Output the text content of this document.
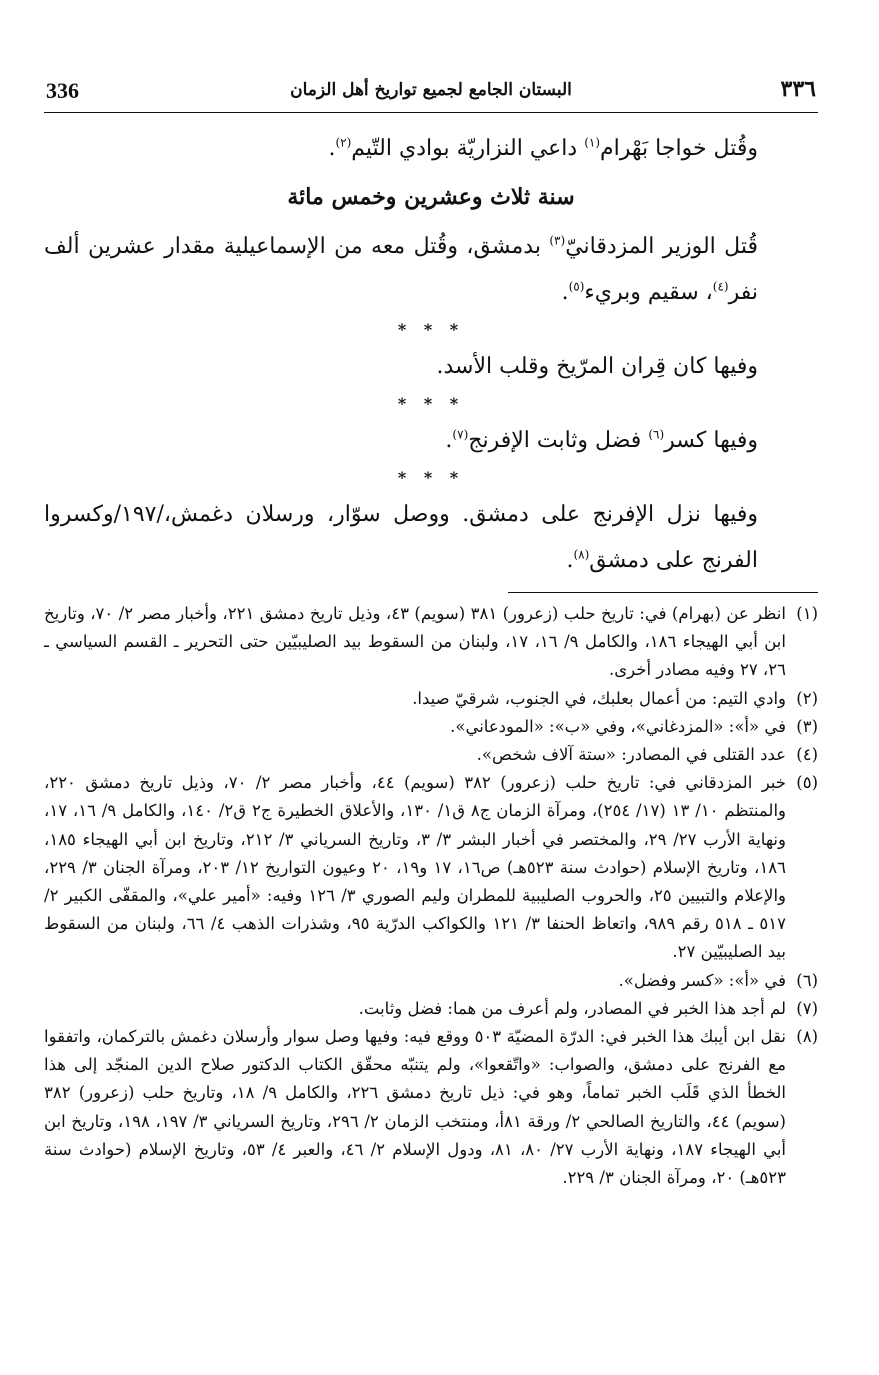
336	البستان الجامع لجميع تواريخ أهل الزمان	٣٣٦

وقُتل خواجا بَهْرام$^{(١)}$ داعي النزاريّة بوادي التّيم$^{(٢)}$.

سنة ثلاث وعشرين وخمس مائة

قُتل الوزير المزدقانيّ$^{(٣)}$ بدمشق، وقُتل معه من الإسماعيلية مقدار عشرين ألف نفر$^{(٤)}$، سقيم وبريء$^{(٥)}$.

* * *

وفيها كان قِران المرّيخ وقلب الأسد.

* * *

وفيها كسر$^{(٦)}$ فضل وثابت الإفرنج$^{(٧)}$.

* * *

وفيها نزل الإفرنج على دمشق. ووصل سوّار، ورسلان دغمش،/١٩٧/وكسروا الفرنج على دمشق$^{(٨)}$.

(١)
انظر عن (بهرام) في: تاريخ حلب (زعرور) ٣٨١ (سويم) ٤٣، وذيل تاريخ دمشق ٢٢١، وأخبار مصر ٢/ ٧٠، وتاريخ ابن أبي الهيجاء ١٨٦، والكامل ٩/ ١٦، ١٧، ولبنان من السقوط بيد الصليبيّين حتى التحرير ـ القسم السياسي ـ ٢٦، ٢٧ وفيه مصادر أخرى.

(٢)
وادي التيم: من أعمال بعلبك، في الجنوب، شرقيّ صيدا.

(٣)
في «أ»: «المزدغاني»، وفي «ب»: «المودعاني».

(٤)
عدد القتلى في المصادر: «ستة آلاف شخص».

(٥)
خبر المزدقاني في: تاريخ حلب (زعرور) ٣٨٢ (سويم) ٤٤، وأخبار مصر ٢/ ٧٠، وذيل تاريخ دمشق ٢٢٠، والمنتظم ١٠/ ١٣ (١٧/ ٢٥٤)، ومرآة الزمان ج٨ ق١/ ١٣٠، والأعلاق الخطيرة ج٢ ق٢/ ١٤٠، والكامل ٩/ ١٦، ١٧، ونهاية الأرب ٢٧/ ٢٩، والمختصر في أخبار البشر ٣/ ٣، وتاريخ السرياني ٣/ ٢١٢، وتاريخ ابن أبي الهيجاء ١٨٥، ١٨٦، وتاريخ الإسلام (حوادث سنة ٥٢٣هـ) ص١٦، ١٧ و١٩، ٢٠ وعيون التواريخ ١٢/ ٢٠٣، ومرآة الجنان ٣/ ٢٢٩، والإعلام والتبيين ٢٥، والحروب الصليبية للمطران وليم الصوري ٣/ ١٢٦ وفيه: «أمير علي»، والمقفّى الكبير ٢/ ٥١٧ ـ ٥١٨ رقم ٩٨٩، واتعاظ الحنفا ٣/ ١٢١ والكواكب الدرّية ٩٥، وشذرات الذهب ٤/ ٦٦، ولبنان من السقوط بيد الصليبيّين ٢٧.

(٦)
في «أ»: «كسر وفضل».

(٧)
لم أجد هذا الخبر في المصادر، ولم أعرف من هما: فضل وثابت.

(٨)
نقل ابن أيبك هذا الخبر في: الدرّة المضيّة ٥٠٣ ووقع فيه: وفيها وصل سوار وأرسلان دغمش بالتركمان، واتفقوا مع الفرنج على دمشق، والصواب: «واتّقعوا»، ولم يتنبّه محقّق الكتاب الدكتور صلاح الدين المنجّد إلى هذا الخطأ الذي قَلَب الخبر تماماً، وهو في: ذيل تاريخ دمشق ٢٢٦، والكامل ٩/ ١٨، وتاريخ حلب (زعرور) ٣٨٢ (سويم) ٤٤، والتاريخ الصالحي ٢/ ورقة ٨١أ، ومنتخب الزمان ٢/ ٢٩٦، وتاريخ السرياني ٣/ ١٩٧، ١٩٨، وتاريخ ابن أبي الهيجاء ١٨٧، ونهاية الأرب ٢٧/ ٨٠، ٨١، ودول الإسلام ٢/ ٤٦، والعبر ٤/ ٥٣، وتاريخ الإسلام (حوادث سنة ٥٢٣هـ) ٢٠، ومرآة الجنان ٣/ ٢٢٩.
